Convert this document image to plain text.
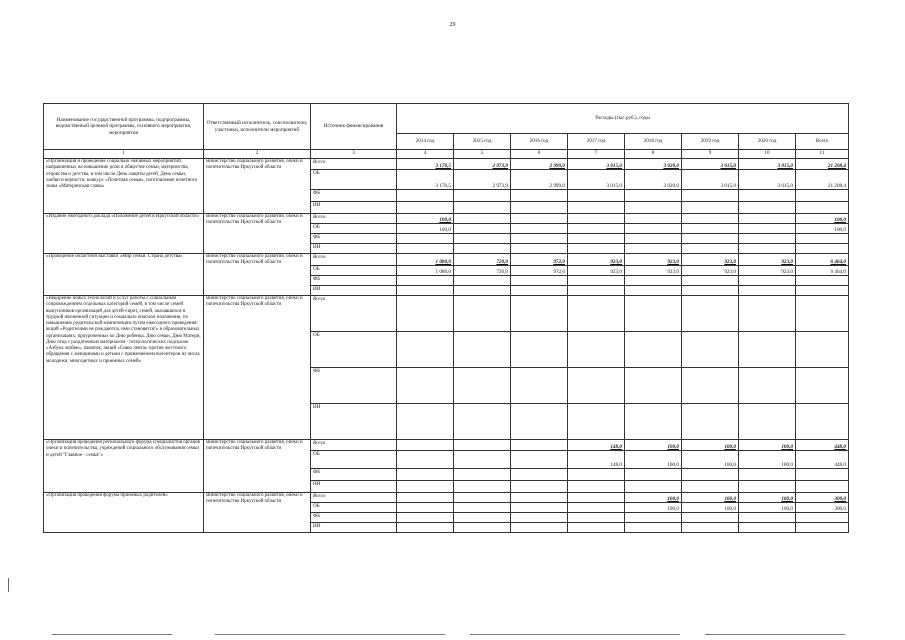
29
Наименование государственной программы, подпрограммы, ведомственной целевой программы, основного мероприятия, мероприятия	Ответственный исполнитель, соисполнители, участники, исполнители мероприятий	Источник финансирования	Расходы (тыс.руб.), годы							
			2014 год	2015 год	2016 год	2017 год	2018 год	2019 год	2020 год	Всего
1	2	3	4	5	6	7	8	9	10	11
«Организация и проведение социально значимых мероприятий, направленных на повышение роли в обществе семьи, материнства, отцовства и детства, в том числе День защиты детей, День семьи, любви и верности, конкурс «Почетная семья», изготовление почетного знака «Материнская слава»	министерство социального развития, опеки и попечительства Иркутской области	Всего	3 170,5	2 973,9	2 999,0	3 015,0	3 020,0	3 015,0	3 015,0	21 208,4
		ОБ	3 170,5	2 973,9	2 999,0	3 015,0	3 020,0	3 015,0	3 015,0	21 208,4
		ФБ								
		ИИ								
«Издание ежегодного доклада «Положение детей в Иркутской области»	министерство социального развития, опеки и попечительства Иркутской области	Всего	100,0							100,0
		ОБ	100,0							100,0
		ФБ								
		ИИ								
«Проведение областной выставки «Мир семьи. Страна детства»	министерство социального развития, опеки и попечительства Иркутской области	Всего	1 080,0	720,0	972,0	923,0	923,0	923,0	923,0	6 464,0
		ОБ	1 080,0	720,0	972,0	923,0	923,0	923,0	923,0	6 464,0
		ФБ								
		ИИ								
«Внедрение новых технологий и услуг работы с социальным сопровождением отдельных категорий семей, в том числе семей выпускников организаций для детей-сирот, семей, оказавшихся в трудной жизненной ситуации и социально опасном положении, по повышению родительской компетенции путем ежегодного проведения: акций «Родителями не рождаются, ими становятся!» в образовательных организациях, приуроченных ко Дню ребенка, Дню семьи, Дню Матери, Дню отца с раздаточным материалом - психологических подсказок «Азбука любви», памяток, акций «Сияю лента» против жестокого обращения с женщинами и детьми с привлечением волонтеров из числа молодежи, многодетных и приемных семей»	министерство социального развития, опеки и попечительства Иркутской области	Всего								
		ОБ								
		ФБ								
		ИИ								
«Организация проведения регионального форума специалистов органов опеки и попечительства, учреждений социального обслуживания семьи и детей "Главное - семья"»	министерство социального развития, опеки и попечительства Иркутской области	Всего				148,0	100,0	100,0	100,0	448,0
		ОБ				148,0	100,0	100,0	100,0	448,0
		ФБ								
		ИИ								
«Организация проведения форума приемных родителей»	министерство социального развития, опеки и попечительства Иркутской области	Всего					100,0	100,0	100,0	300,0
		ОБ					100,0	100,0	100,0	300,0
		ФБ								
		ИИ								
